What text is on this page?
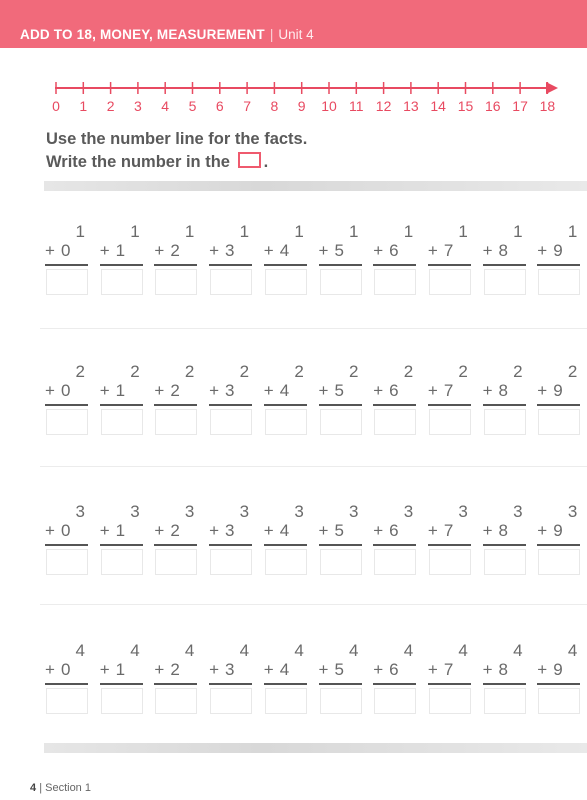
ADD TO 18, MONEY, MEASUREMENT | Unit 4
0 1 2 3 4 5 6 7 8 9 10 11 12 13 14 15 16 17 18
Use the number line for the facts.
Write the number in the .
1
+0
1
+1
1
+2
1
+3
1
+4
1
+5
1
+6
1
+7
1
+8
1
+9
2
+0
2
+1
2
+2
2
+3
2
+4
2
+5
2
+6
2
+7
2
+8
2
+9
3
+0
3
+1
3
+2
3
+3
3
+4
3
+5
3
+6
3
+7
3
+8
3
+9
4
+0
4
+1
4
+2
4
+3
4
+4
4
+5
4
+6
4
+7
4
+8
4
+9
4 | Section 1
